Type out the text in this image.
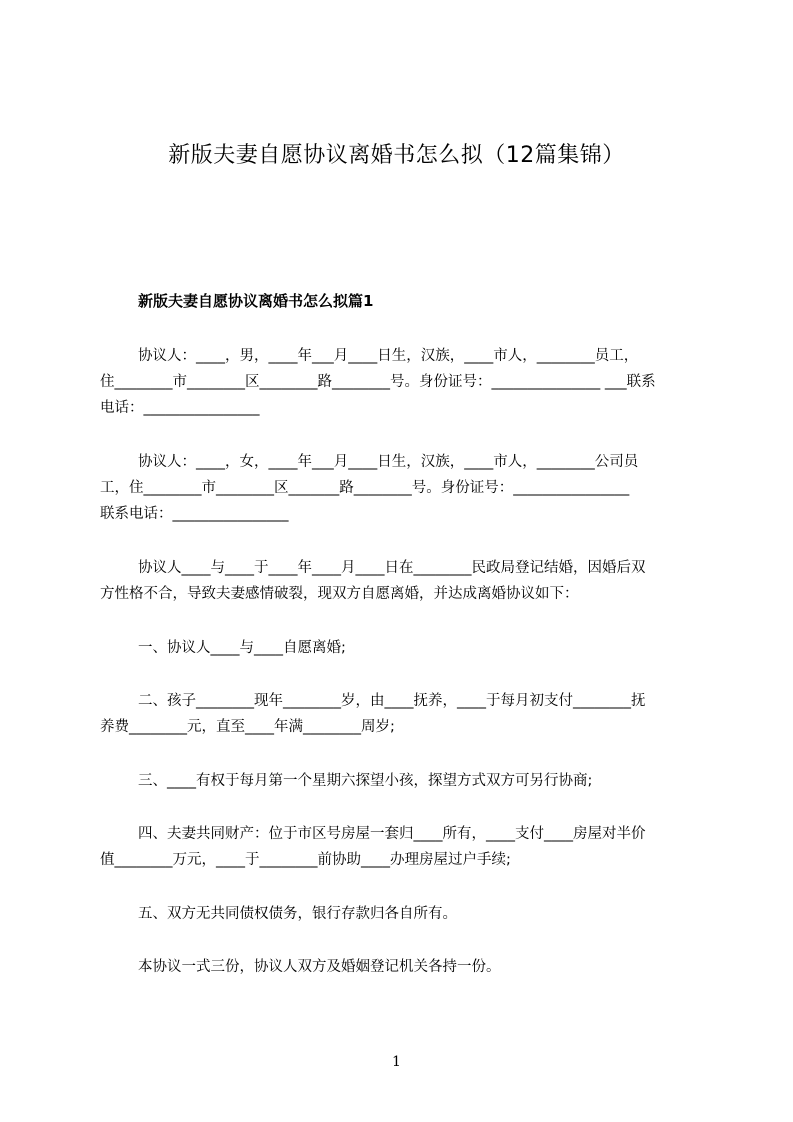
新版夫妻自愿协议离婚书怎么拟（12篇集锦）
新版夫妻自愿协议离婚书怎么拟篇1
协议人：____，男，____年___月____日生，汉族，____市人，________员工，
住________市________区________路________号。身份证号：_______________ ___联系
电话：________________
协议人：____，女，____年___月____日生，汉族，____市人，________公司员
工，住________市________区_______路________号。身份证号：________________
联系电话：________________
协议人____与____于____年____月____日在________民政局登记结婚，因婚后双
方性格不合，导致夫妻感情破裂，现双方自愿离婚，并达成离婚协议如下：
一、协议人____与____自愿离婚;
二、孩子________现年________岁，由____抚养，____于每月初支付________抚
养费________元，直至____年满________周岁;
三、____有权于每月第一个星期六探望小孩，探望方式双方可另行协商;
四、夫妻共同财产：位于市区号房屋一套归____所有，____支付____房屋对半价
值________万元，____于________前协助____办理房屋过户手续;
五、双方无共同债权债务，银行存款归各自所有。
本协议一式三份，协议人双方及婚姻登记机关各持一份。
1
